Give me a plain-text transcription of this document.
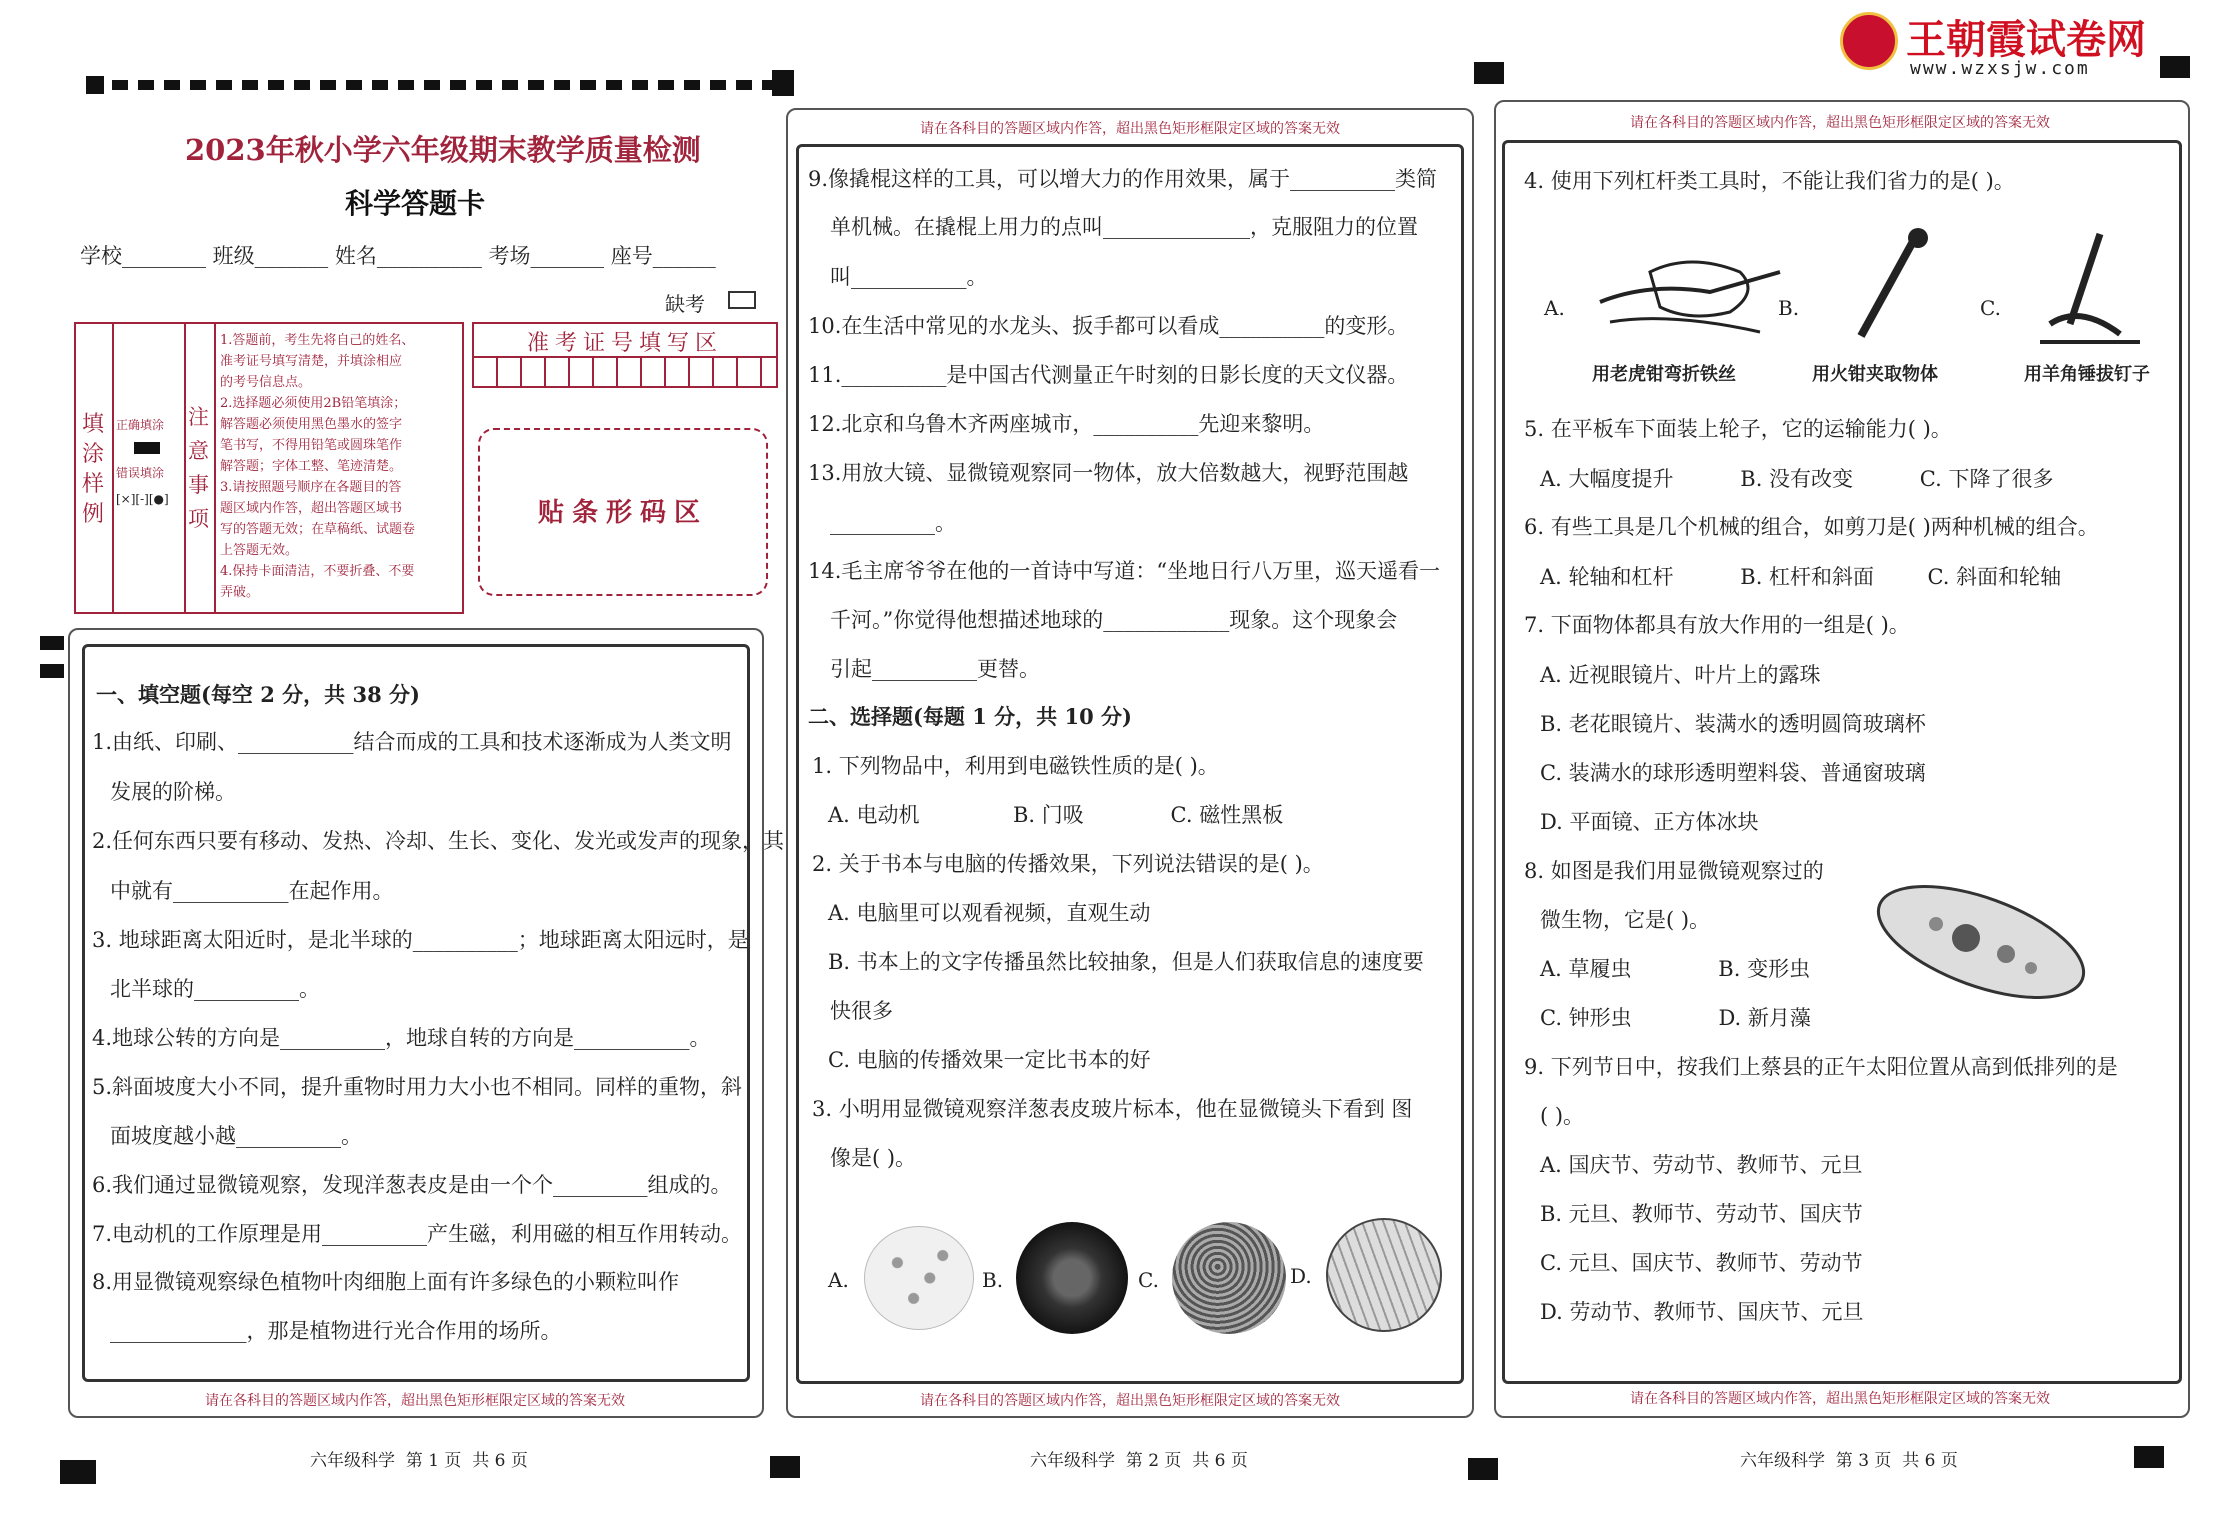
王朝霞试卷网
www.wzxsjw.com
2023年秋小学六年级期末教学质量检测
科学答题卡
学校________ 班级_______ 姓名__________ 考场_______ 座号______
缺考
填涂样例
正确填涂
错误填涂
[×][-][●]
注意事项
1.答题前，考生先将自己的姓名、
准考证号填写清楚，并填涂相应
的考号信息点。
2.选择题必须使用2B铅笔填涂；
解答题必须使用黑色墨水的签字
笔书写，不得用铅笔或圆珠笔作
解答题；字体工整、笔迹清楚。
3.请按照题号顺序在各题目的答
题区域内作答，超出答题区域书
写的答题无效；在草稿纸、试题卷
上答题无效。
4.保持卡面清洁，不要折叠、不要
弄破。
准考证号填写区
贴条形码区
请在各科目的答题区域内作答，超出黑色矩形框限定区域的答案无效
一、填空题(每空 2 分，共 38 分)
1.由纸、印刷、___________结合而成的工具和技术逐渐成为人类文明
发展的阶梯。
2.任何东西只要有移动、发热、冷却、生长、变化、发光或发声的现象，其
中就有___________在起作用。
3. 地球距离太阳近时，是北半球的__________；地球距离太阳远时，是
北半球的__________。
4.地球公转的方向是__________，地球自转的方向是___________。
5.斜面坡度大小不同，提升重物时用力大小也不相同。同样的重物，斜
面坡度越小越__________。
6.我们通过显微镜观察，发现洋葱表皮是由一个个_________组成的。
7.电动机的工作原理是用__________产生磁，利用磁的相互作用转动。
8.用显微镜观察绿色植物叶肉细胞上面有许多绿色的小颗粒叫作
_____________，那是植物进行光合作用的场所。
六年级科学  第 1 页  共 6 页
请在各科目的答题区域内作答，超出黑色矩形框限定区域的答案无效
请在各科目的答题区域内作答，超出黑色矩形框限定区域的答案无效
9.像撬棍这样的工具，可以增大力的作用效果，属于__________类简
单机械。在撬棍上用力的点叫______________，克服阻力的位置
叫___________。
10.在生活中常见的水龙头、扳手都可以看成__________的变形。
11.__________是中国古代测量正午时刻的日影长度的天文仪器。
12.北京和乌鲁木齐两座城市，__________先迎来黎明。
13.用放大镜、显微镜观察同一物体，放大倍数越大，视野范围越
__________。
14.毛主席爷爷在他的一首诗中写道：“坐地日行八万里，巡天遥看一
千河。”你觉得他想描述地球的____________现象。这个现象会
引起__________更替。
二、选择题(每题 1 分，共 10 分)
1. 下列物品中，利用到电磁铁性质的是( )。
A. 电动机              B. 门吸             C. 磁性黑板
2. 关于书本与电脑的传播效果，下列说法错误的是( )。
A. 电脑里可以观看视频，直观生动
B. 书本上的文字传播虽然比较抽象，但是人们获取信息的速度要
快很多
C. 电脑的传播效果一定比书本的好
3. 小明用显微镜观察洋葱表皮玻片标本，他在显微镜头下看到 图
像是( )。
A.	B.	C.	D.
六年级科学  第 2 页  共 6 页
请在各科目的答题区域内作答，超出黑色矩形框限定区域的答案无效
请在各科目的答题区域内作答，超出黑色矩形框限定区域的答案无效
4. 使用下列杠杆类工具时，不能让我们省力的是( )。
A.
用老虎钳弯折铁丝
B.
用火钳夹取物体
C.
用羊角锤拔钉子
5. 在平板车下面装上轮子，它的运输能力( )。
A. 大幅度提升          B. 没有改变          C. 下降了很多
6. 有些工具是几个机械的组合，如剪刀是( )两种机械的组合。
A. 轮轴和杠杆          B. 杠杆和斜面        C. 斜面和轮轴
7. 下面物体都具有放大作用的一组是( )。
A. 近视眼镜片、叶片上的露珠
B. 老花眼镜片、装满水的透明圆筒玻璃杯
C. 装满水的球形透明塑料袋、普通窗玻璃
D. 平面镜、正方体冰块
8. 如图是我们用显微镜观察过的
微生物，它是( )。
A. 草履虫             B. 变形虫
C. 钟形虫             D. 新月藻
9. 下列节日中，按我们上蔡县的正午太阳位置从高到低排列的是
( )。
A. 国庆节、劳动节、教师节、元旦
B. 元旦、教师节、劳动节、国庆节
C. 元旦、国庆节、教师节、劳动节
D. 劳动节、教师节、国庆节、元旦
六年级科学  第 3 页  共 6 页
